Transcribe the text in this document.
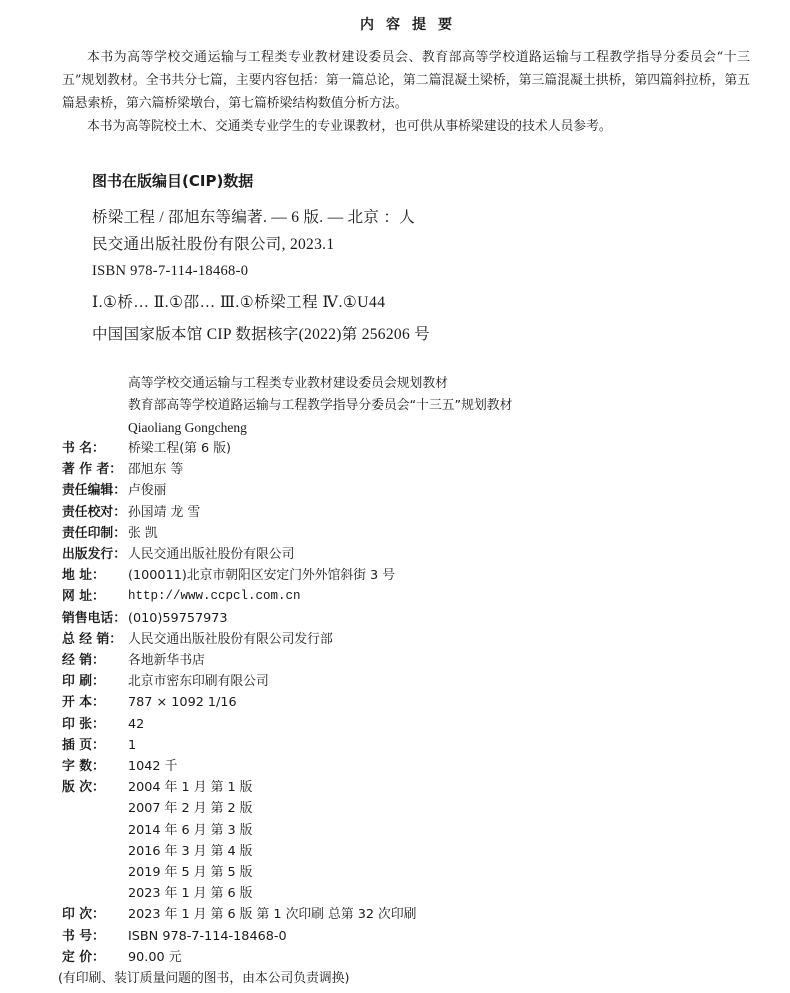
内容提要

本书为高等学校交通运输与工程类专业教材建设委员会、教育部高等学校道路运输与工程教学指导分委员会“十三五”规划教材。全书共分七篇，主要内容包括：第一篇总论，第二篇混凝土梁桥，第三篇混凝土拱桥，第四篇斜拉桥，第五篇悬索桥，第六篇桥梁墩台，第七篇桥梁结构数值分析方法。

本书为高等院校土木、交通类专业学生的专业课教材，也可供从事桥梁建设的技术人员参考。

图书在版编目(CIP)数据

桥梁工程 / 邵旭东等编著. — 6 版. — 北京 ：人

民交通出版社股份有限公司, 2023.1

ISBN 978-7-114-18468-0

Ⅰ.①桥… Ⅱ.①邵… Ⅲ.①桥梁工程 Ⅳ.①U44

中国国家版本馆 CIP 数据核字(2022)第 256206 号

高等学校交通运输与工程类专业教材建设委员会规划教材

教育部高等学校道路运输与工程教学指导分委员会“十三五”规划教材

Qiaoliang Gongcheng

书 名：	桥梁工程(第 6 版)
著 作 者： 邵旭东 等
责任编辑： 卢俊丽
责任校对： 孙国靖 龙 雪
责任印制： 张 凯
出版发行： 人民交通出版社股份有限公司
地 址：	(100011)北京市朝阳区安定门外外馆斜街 3 号
网 址：	http://www.ccpcl.com.cn
销售电话： (010)59757973
总 经 销： 人民交通出版社股份有限公司发行部
经 销：	各地新华书店
印 刷：	北京市密东印刷有限公司
开 本：	787 × 1092 1/16
印 张：	42
插 页：	1
字 数：	1042 千
版 次：	2004 年 1 月 第 1 版
2007 年 2 月 第 2 版
2014 年 6 月 第 3 版
2016 年 3 月 第 4 版
2019 年 5 月 第 5 版
2023 年 1 月 第 6 版
印 次：	2023 年 1 月 第 6 版 第 1 次印刷 总第 32 次印刷
书 号：	ISBN 978-7-114-18468-0
定 价：	90.00 元

(有印刷、装订质量问题的图书，由本公司负责调换)
